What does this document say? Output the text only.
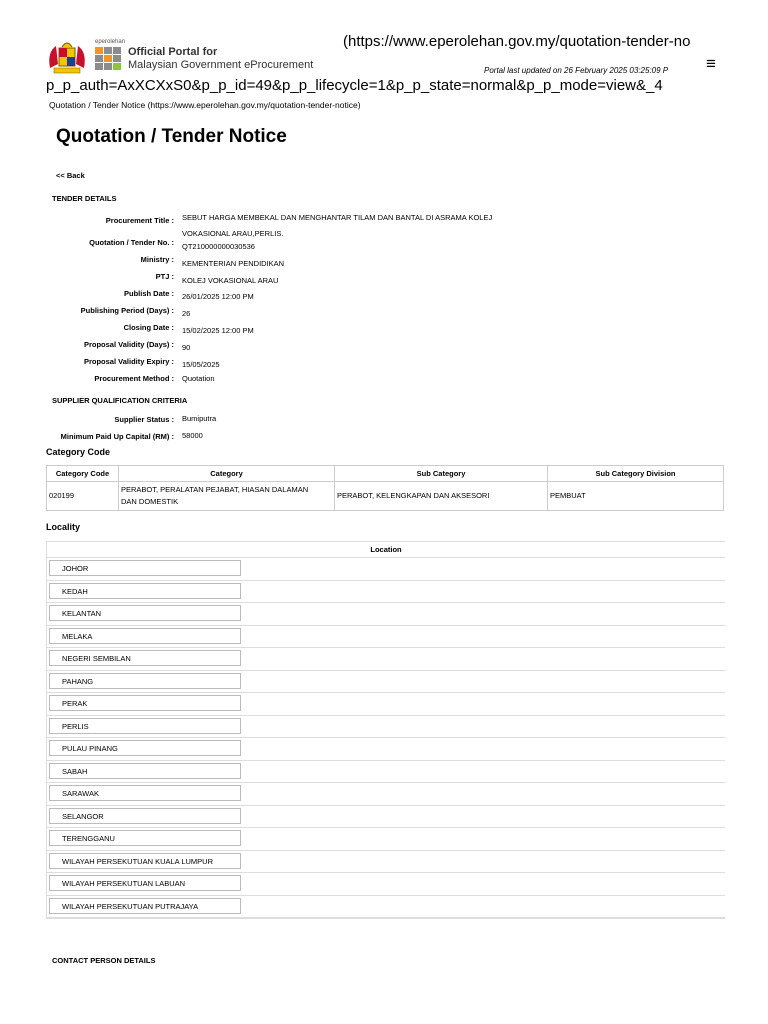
eperolehan
Official Portal for
Malaysian Government eProcurement
(https://www.eperolehan.gov.my/quotation-tender-no
Portal last updated on 26 February 2025 03:25:09 P	≡
p_p_auth=AxXCXxS0&p_p_id=49&p_p_lifecycle=1&p_p_state=normal&p_p_mode=view&_4
Quotation / Tender Notice (https://www.eperolehan.gov.my/quotation-tender-notice)
Quotation / Tender Notice
<< Back
TENDER DETAILS
Procurement Title : SEBUT HARGA MEMBEKAL DAN MENGHANTAR TILAM DAN BANTAL DI ASRAMA KOLEJ
VOKASIONAL ARAU,PERLIS.
Quotation / Tender No. : QT210000000030536
Ministry : KEMENTERIAN PENDIDIKAN
PTJ : KOLEJ VOKASIONAL ARAU
Publish Date : 26/01/2025 12:00 PM
Publishing Period (Days) : 26
Closing Date : 15/02/2025 12:00 PM
Proposal Validity (Days) : 90
Proposal Validity Expiry : 15/05/2025
Procurement Method : Quotation
SUPPLIER QUALIFICATION CRITERIA
Supplier Status : Bumiputra
Minimum Paid Up Capital (RM) : 58000
Category Code
Category Code	Category	Sub Category	Sub Category Division
020199	PERABOT, PERALATAN PEJABAT, HIASAN DALAMAN
DAN DOMESTIK	PERABOT, KELENGKAPAN DAN AKSESORI	PEMBUAT
Locality
Location
JOHOR
KEDAH
KELANTAN
MELAKA
NEGERI SEMBILAN
PAHANG
PERAK
PERLIS
PULAU PINANG
SABAH
SARAWAK
SELANGOR
TERENGGANU
WILAYAH PERSEKUTUAN KUALA LUMPUR
WILAYAH PERSEKUTUAN LABUAN
WILAYAH PERSEKUTUAN PUTRAJAYA
CONTACT PERSON DETAILS
